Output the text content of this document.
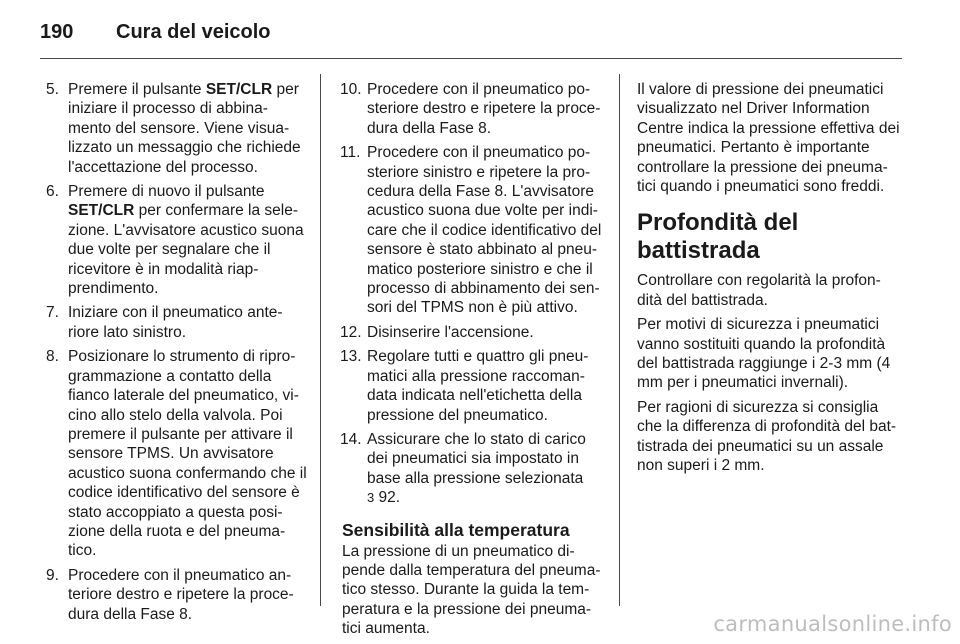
190 Cura del veicolo
5. Premere il pulsante SET/CLR per iniziare il processo di abbina-mento del sensore. Viene visua-lizzato un messaggio che richiede l'accettazione del processo.
6. Premere di nuovo il pulsante SET/CLR per confermare la sele-zione. L'avvisatore acustico suona due volte per segnalare che il ricevitore è in modalità riap-prendimento.
7. Iniziare con il pneumatico ante-riore lato sinistro.
8. Posizionare lo strumento di ripro-grammazione a contatto della fianco laterale del pneumatico, vi-cino allo stelo della valvola. Poi premere il pulsante per attivare il sensore TPMS. Un avvisatore acustico suona confermando che il codice identificativo del sensore è stato accoppiato a questa posi-zione della ruota e del pneuma-tico.
9. Procedere con il pneumatico an-teriore destro e ripetere la proce-dura della Fase 8.
10. Procedere con il pneumatico po-steriore destro e ripetere la proce-dura della Fase 8.
11. Procedere con il pneumatico po-steriore sinistro e ripetere la pro-cedura della Fase 8. L'avvisatore acustico suona due volte per indi-care che il codice identificativo del sensore è stato abbinato al pneu-matico posteriore sinistro e che il processo di abbinamento dei sen-sori del TPMS non è più attivo.
12. Disinserire l'accensione.
13. Regolare tutti e quattro gli pneu-matici alla pressione raccoman-data indicata nell'etichetta della pressione del pneumatico.
14. Assicurare che lo stato di carico dei pneumatici sia impostato in base alla pressione selezionata
3 92.
Sensibilità alla temperatura

La pressione di un pneumatico di-pende dalla temperatura del pneuma-tico stesso. Durante la guida la tem-peratura e la pressione dei pneuma-tici aumenta.

Il valore di pressione dei pneumatici visualizzato nel Driver Information Centre indica la pressione effettiva dei pneumatici. Pertanto è importante controllare la pressione dei pneuma-tici quando i pneumatici sono freddi.

Profondità del battistrada

Controllare con regolarità la profon-dità del battistrada.

Per motivi di sicurezza i pneumatici vanno sostituiti quando la profondità del battistrada raggiunge i 2-3 mm (4 mm per i pneumatici invernali).

Per ragioni di sicurezza si consiglia che la differenza di profondità del bat-tistrada dei pneumatici su un assale non superi i 2 mm.

carmanualsonline.info
